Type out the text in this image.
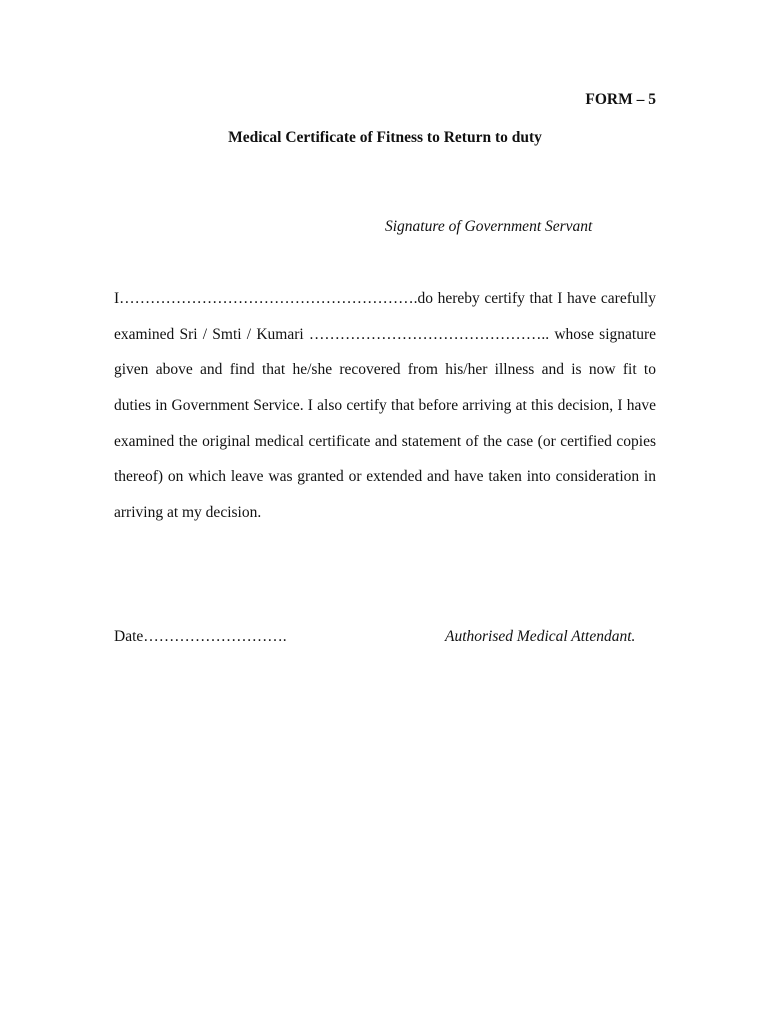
FORM – 5
Medical Certificate of Fitness to Return to duty
Signature of Government Servant
I………………………………………………….do hereby certify that I have carefully
examined Sri / Smti / Kumari ……………………………………….. whose signature
given above and find that he/she recovered from his/her illness and is now fit to
duties in Government Service. I also certify that before arriving at this decision, I have
examined the original medical certificate and statement of the case (or certified copies
thereof) on which leave was granted or extended and have taken into consideration in
arriving at my decision.
Date……………………….	Authorised Medical Attendant.
